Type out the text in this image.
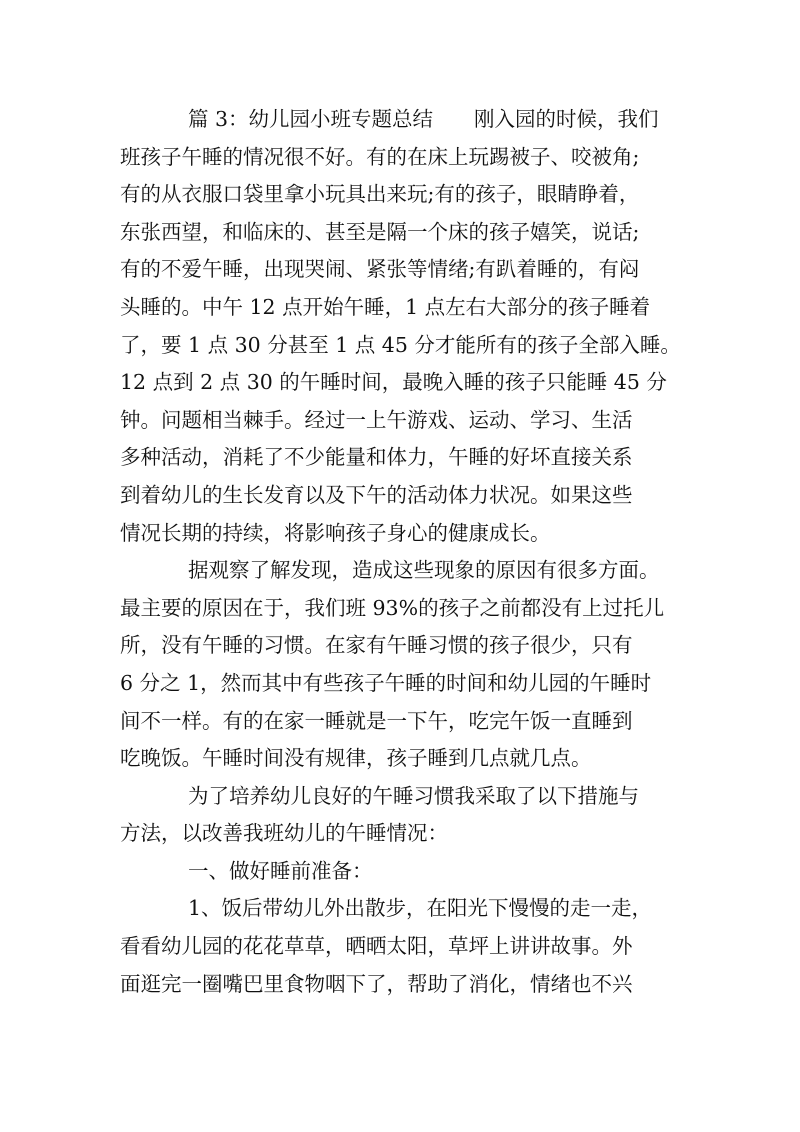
篇 3：幼儿园小班专题总结　　刚入园的时候，我们
班孩子午睡的情况很不好。有的在床上玩踢被子、咬被角;
有的从衣服口袋里拿小玩具出来玩;有的孩子，眼睛睁着，
东张西望，和临床的、甚至是隔一个床的孩子嬉笑，说话;
有的不爱午睡，出现哭闹、紧张等情绪;有趴着睡的，有闷
头睡的。中午 12 点开始午睡，1 点左右大部分的孩子睡着
了，要 1 点 30 分甚至 1 点 45 分才能所有的孩子全部入睡。
12 点到 2 点 30 的午睡时间，最晚入睡的孩子只能睡 45 分
钟。问题相当棘手。经过一上午游戏、运动、学习、生活
多种活动，消耗了不少能量和体力，午睡的好坏直接关系
到着幼儿的生长发育以及下午的活动体力状况。如果这些
情况长期的持续，将影响孩子身心的健康成长。
据观察了解发现，造成这些现象的原因有很多方面。
最主要的原因在于，我们班 93%的孩子之前都没有上过托儿
所，没有午睡的习惯。在家有午睡习惯的孩子很少，只有
6 分之 1，然而其中有些孩子午睡的时间和幼儿园的午睡时
间不一样。有的在家一睡就是一下午，吃完午饭一直睡到
吃晚饭。午睡时间没有规律，孩子睡到几点就几点。
为了培养幼儿良好的午睡习惯我采取了以下措施与
方法，以改善我班幼儿的午睡情况：
一、做好睡前准备：
1、饭后带幼儿外出散步，在阳光下慢慢的走一走，
看看幼儿园的花花草草，晒晒太阳，草坪上讲讲故事。外
面逛完一圈嘴巴里食物咽下了，帮助了消化，情绪也不兴
